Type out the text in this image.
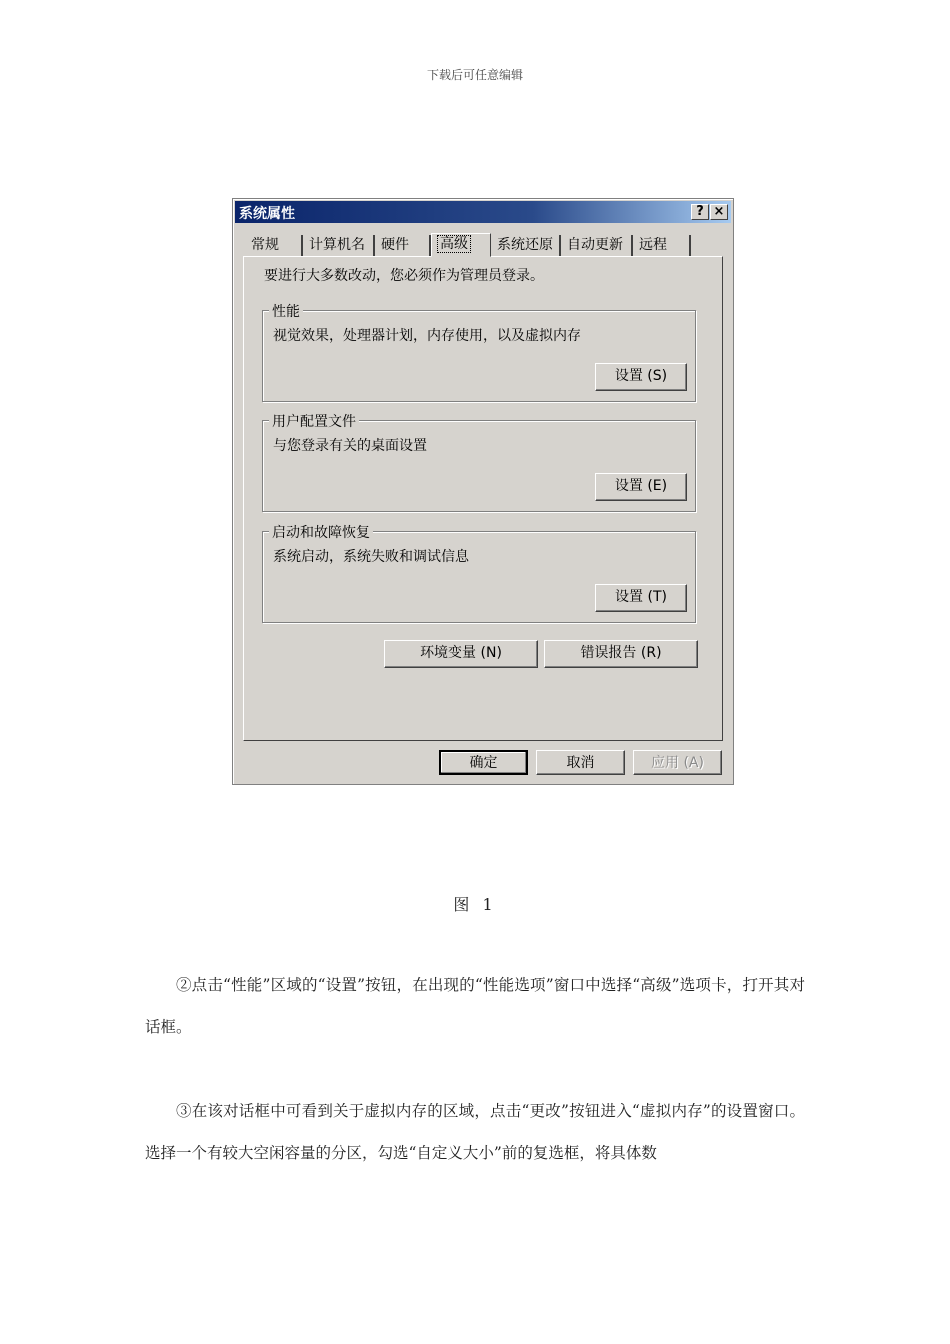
下载后可任意编辑
系统属性	? ×
常规	计算机名	硬件	高级	系统还原	自动更新	远程
要进行大多数改动，您必须作为管理员登录。
性能
视觉效果，处理器计划，内存使用，以及虚拟内存
设置 (S)
用户配置文件
与您登录有关的桌面设置
设置 (E)
启动和故障恢复
系统启动，系统失败和调试信息
设置 (T)
环境变量 (N)	错误报告 (R)
确定	取消	应用 (A)
图 1
②点击“性能”区域的“设置”按钮，在出现的“性能选项”窗口中选择“高级”选项卡，打开其对话框。
③在该对话框中可看到关于虚拟内存的区域，点击“更改”按钮进入“虚拟内存”的设置窗口。选择一个有较大空闲容量的分区，勾选“自定义大小”前的复选框，将具体数
